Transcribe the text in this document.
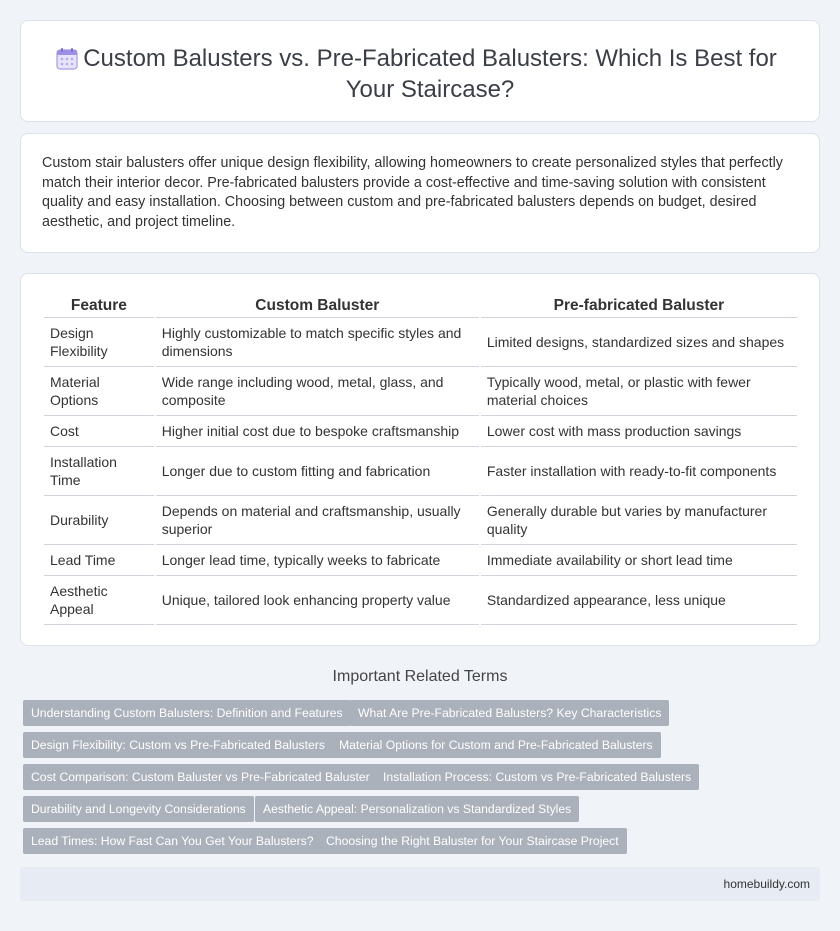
Custom Balusters vs. Pre-Fabricated Balusters: Which Is Best for Your Staircase?

Custom stair balusters offer unique design flexibility, allowing homeowners to create personalized styles that perfectly match their interior decor. Pre-fabricated balusters provide a cost-effective and time-saving solution with consistent quality and easy installation. Choosing between custom and pre-fabricated balusters depends on budget, desired aesthetic, and project timeline.

Feature	Custom Baluster	Pre-fabricated Baluster
Design Flexibility	Highly customizable to match specific styles and dimensions	Limited designs, standardized sizes and shapes
Material Options	Wide range including wood, metal, glass, and composite	Typically wood, metal, or plastic with fewer material choices
Cost	Higher initial cost due to bespoke craftsmanship	Lower cost with mass production savings
Installation Time	Longer due to custom fitting and fabrication	Faster installation with ready-to-fit components
Durability	Depends on material and craftsmanship, usually superior	Generally durable but varies by manufacturer quality
Lead Time	Longer lead time, typically weeks to fabricate	Immediate availability or short lead time
Aesthetic Appeal	Unique, tailored look enhancing property value	Standardized appearance, less unique
Important Related Terms
Understanding Custom Balusters: Definition and Features	What Are Pre-Fabricated Balusters? Key Characteristics
Design Flexibility: Custom vs Pre-Fabricated Balusters	Material Options for Custom and Pre-Fabricated Balusters
Cost Comparison: Custom Baluster vs Pre-Fabricated Baluster	Installation Process: Custom vs Pre-Fabricated Balusters
Durability and Longevity Considerations	Aesthetic Appeal: Personalization vs Standardized Styles
Lead Times: How Fast Can You Get Your Balusters?	Choosing the Right Baluster for Your Staircase Project
homebuildy.com
